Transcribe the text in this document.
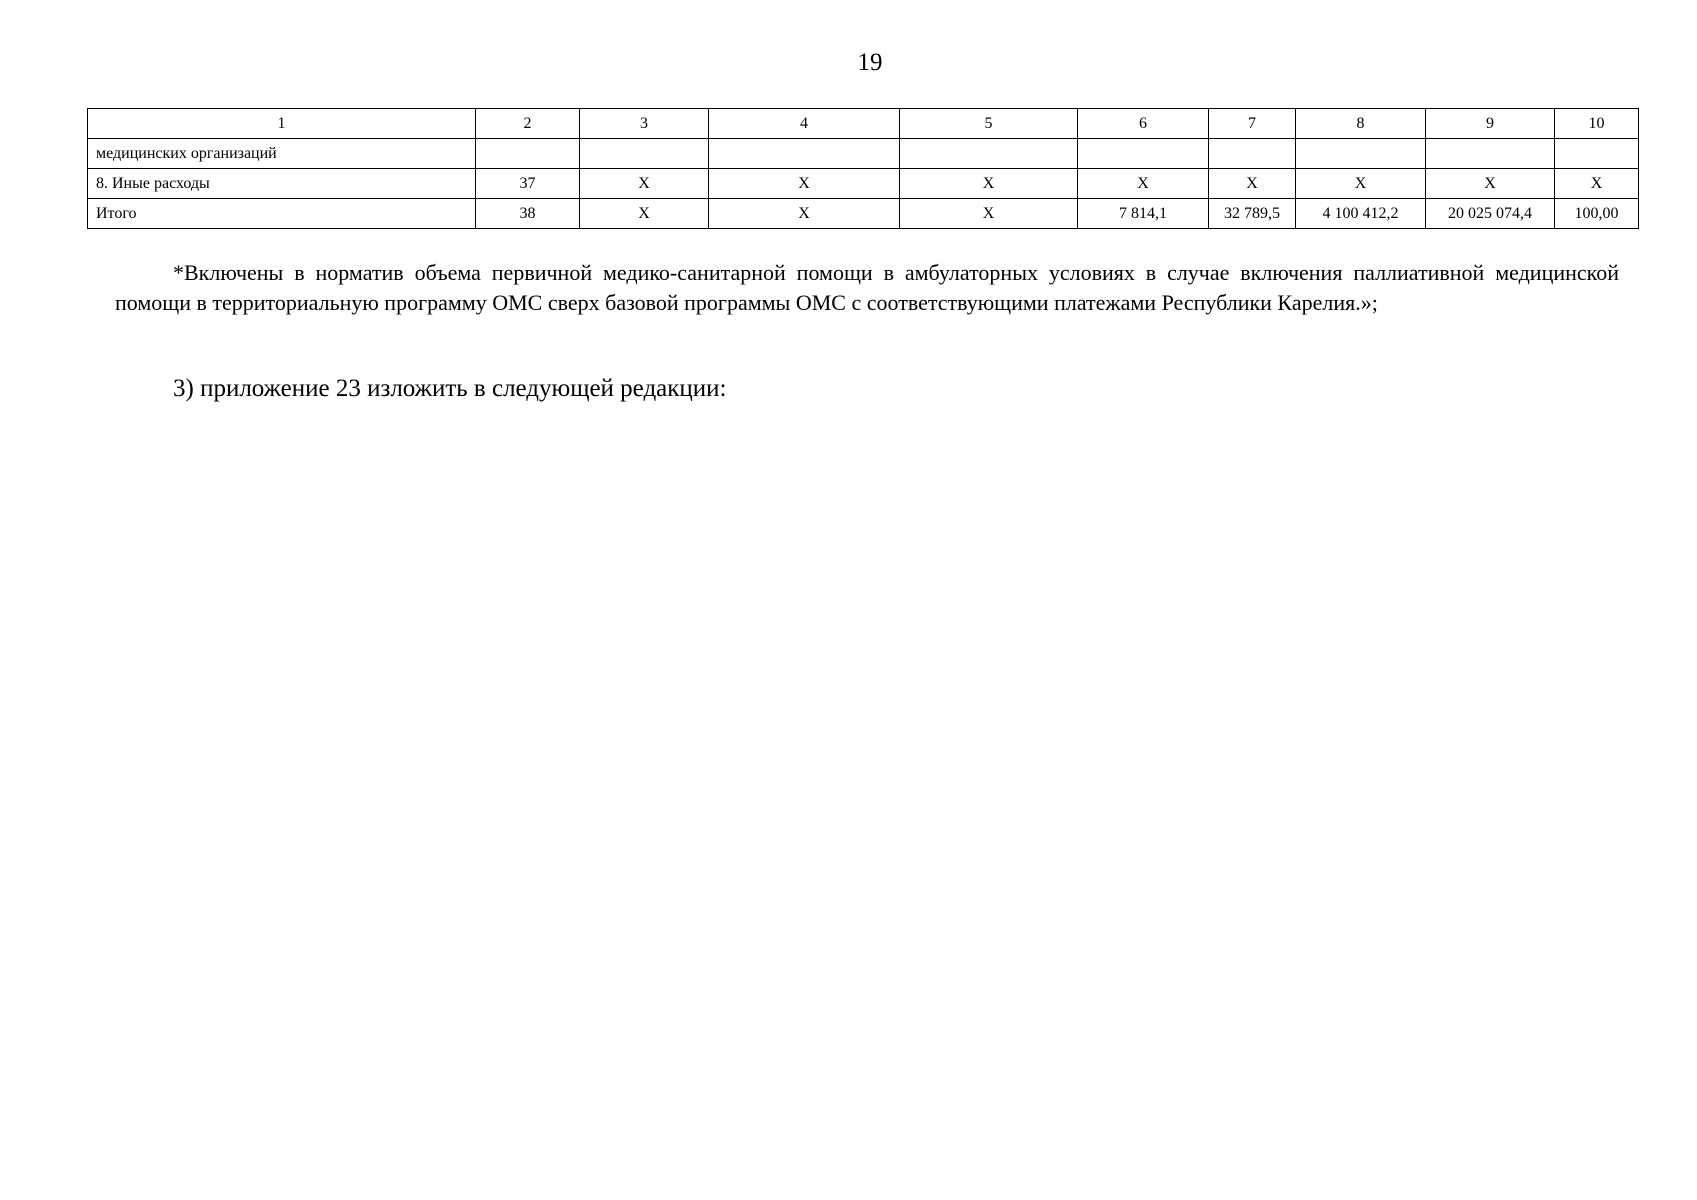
19
1	2	3	4	5	6	7	8	9	10
медицинских организаций									
8. Иные расходы	37	Х	Х	Х	Х	Х	Х	Х	Х
Итого	38	Х	Х	Х	7 814,1	32 789,5	4 100 412,2	20 025 074,4	100,00

*Включены в норматив объема первичной медико-санитарной помощи в амбулаторных условиях в случае включения паллиативной медицинской помощи в территориальную программу ОМС сверх базовой программы ОМС с соответствующими платежами Республики Карелия.»;

3) приложение 23 изложить в следующей редакции:
